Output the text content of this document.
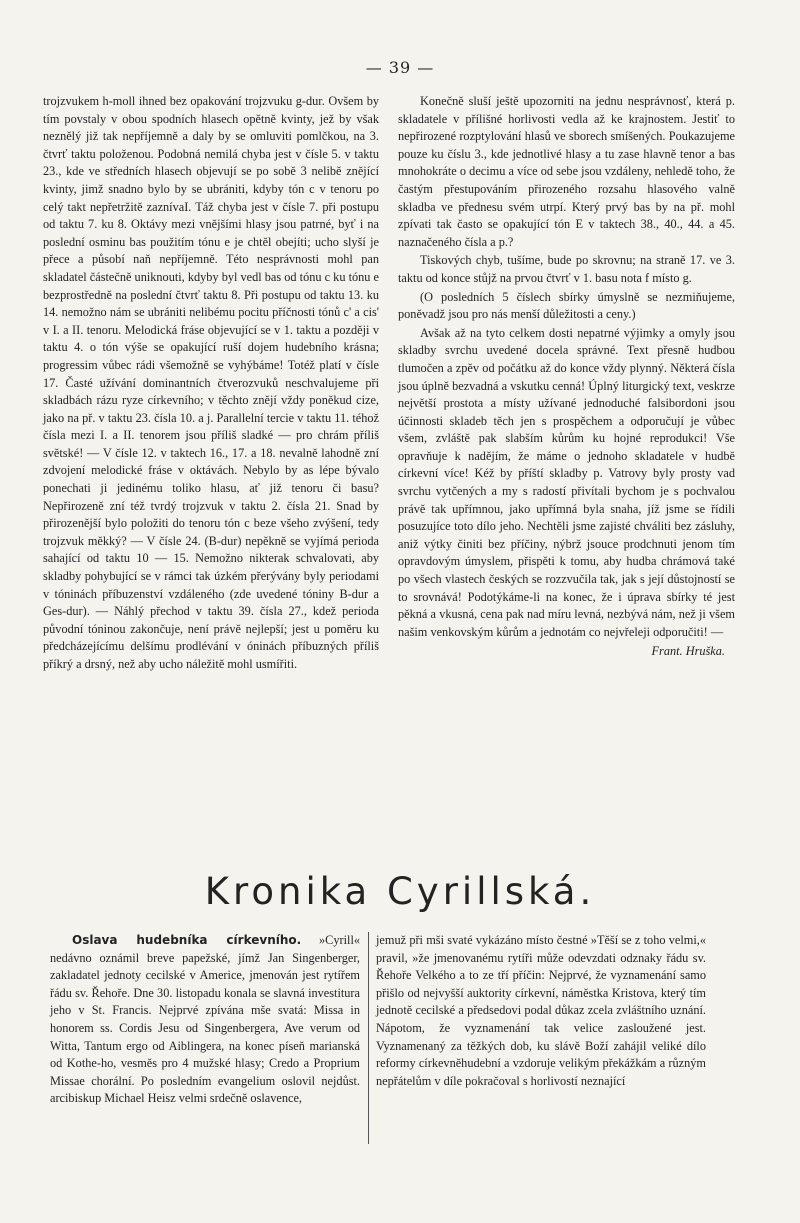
— 39 —

trojzvukem h-moll ihned bez opakování trojzvuku g-dur. Ovšem by tím povstaly v obou spodních hlasech opětně kvinty, jež by však neznělý již tak nepříjemně a daly by se omluviti pomlčkou, na 3. čtvrť taktu položenou. Podobná nemilá chyba jest v čísle 5. v taktu 23., kde ve středních hlasech objevují se po sobě 3 nelibě znějící kvinty, jimž snadno bylo by se ubrániti, kdyby tón c v tenoru po celý takt nepřetržitě zaznívaI. Táž chyba jest v čísle 7. při postupu od taktu 7. ku 8. Oktávy mezi vnějšími hlasy jsou patrné, byť i na poslední osminu bas použitím tónu e je chtěl obejíti; ucho slyší je přece a působí naň nepříjemně. Této nesprávnosti mohl pan skladatel částečně uniknouti, kdyby byl vedl bas od tónu c ku tónu e bezprostředně na poslední čtvrť taktu 8. Při postupu od taktu 13. ku 14. nemožno nám se ubrániti nelibému pocitu příčnosti tónů c' a cis' v I. a II. tenoru. Melodická fráse objevující se v 1. taktu a později v taktu 4. o tón výše se opakující ruší dojem hudebního krásna; progressim vůbec rádi všemožně se vyhýbáme! Totéž platí v čísle 17. Časté užívání dominantních čtverozvuků neschvalujeme při skladbách rázu ryze církevního; v těchto znějí vždy poněkud cize, jako na př. v taktu 23. čísla 10. a j. Parallelní tercie v taktu 11. téhož čísla mezi I. a II. tenorem jsou příliš sladké — pro chrám příliš světské! — V čísle 12. v taktech 16., 17. a 18. nevalně lahodně zní zdvojení melodické fráse v oktávách. Nebylo by as lépe bývalo ponechati ji jedinému toliko hlasu, ať již tenoru či basu? Nepřirozeně zní též tvrdý trojzvuk v taktu 2. čísla 21. Snad by přirozenější bylo položiti do tenoru tón c beze všeho zvýšení, tedy trojzvuk měkký? — V čísle 24. (B-dur) nepěkně se vyjímá perioda sahající od taktu 10 — 15. Nemožno nikterak schvalovati, aby skladby pohybující se v rámci tak úzkém přerývány byly periodami v tóninách příbuzenství vzdáleného (zde uvedené tóniny B-dur a Ges-dur). — Náhlý přechod v taktu 39. čísla 27., kdež perioda původní tóninou zakončuje, není právě nejlepší; jest u poměru ku předcházejícímu delšímu prodlévání v óninách příbuzných příliš příkrý a drsný, než aby ucho náležitě mohl usmířiti.

Konečně sluší ještě upozorniti na jednu nesprávnosť, která p. skladatele v přílišné horlivosti vedla až ke krajnostem. Jestiť to nepřirozené rozptylování hlasů ve sborech smíšených. Poukazujeme pouze ku číslu 3., kde jednotlivé hlasy a tu zase hlavně tenor a bas mnohokráte o decimu a více od sebe jsou vzdáleny, nehledě toho, že častým přestupováním přirozeného rozsahu hlasového valně skladba ve přednesu svém utrpí. Který prvý bas by na př. mohl zpívati tak často se opakující tón E v taktech 38., 40., 44. a 45. naznačeného čísla a p.?

Tiskových chyb, tušíme, bude po skrovnu; na straně 17. ve 3. taktu od konce stůjž na prvou čtvrť v 1. basu nota f místo g.

(O posledních 5 číslech sbírky úmyslně se nezmiňujeme, poněvadž jsou pro nás menší důležitosti a ceny.)

Avšak až na tyto celkem dosti nepatrné výjimky a omyly jsou skladby svrchu uvedené docela správné. Text přesně hudbou tlumočen a zpěv od počátku až do konce vždy plynný. Některá čísla jsou úplně bezvadná a vskutku cenná! Úplný liturgický text, veskrze největší prostota a místy užívané jednoduché falsibordoni jsou účinnosti skladeb těch jen s prospěchem a odporučují je vůbec všem, zvláště pak slabším kůrům ku hojné reprodukci! Vše opravňuje k nadějím, že máme o jednoho skladatele v hudbě církevní více! Kéž by příští skladby p. Vatrovy byly prosty vad svrchu vytčených a my s radostí přivítali bychom je s pochvalou právě tak upřímnou, jako upřímná byla snaha, jíž jsme se řídili posuzujíce toto dílo jeho. Nechtěli jsme zajisté chváliti bez zásluhy, aniž výtky činiti bez příčiny, nýbrž jsouce prodchnuti jenom tím opravdovým úmyslem, přispěti k tomu, aby hudba chrámová také po všech vlastech českých se rozzvučila tak, jak s její důstojností se to srovnává! Podotýkáme-li na konec, že i úprava sbírky té jest pěkná a vkusná, cena pak nad míru levná, nezbývá nám, než ji všem našim venkovským kůrům a jednotám co nejvřeleji odporučiti! —

Frant. Hruška.
Kronika Cyrillská.

Oslava hudebníka církevního. »Cyrill« nedávno oznámil breve papežské, jímž Jan Singenberger, zakladatel jednoty cecilské v Americe, jmenován jest rytířem řádu sv. Řehoře. Dne 30. listopadu konala se slavná investitura jeho v St. Francis. Nejprvé zpívána mše svatá: Missa in honorem ss. Cordis Jesu od Singenbergera, Ave verum od Witta, Tantum ergo od Aiblingera, na konec píseň marianská od Kothe-ho, vesměs pro 4 mužské hlasy; Credo a Proprium Missae chorální. Po posledním evangelium oslovil nejdůst. arcibiskup Michael Heisz velmi srdečně oslavence,

jemuž při mši svaté vykázáno místo čestné »Těší se z toho velmi,« pravil, »že jmenovanému rytíři může odevzdati odznaky řádu sv. Řehoře Velkého a to ze tří příčin: Nejprvé, že vyznamenání samo přišlo od nejvyšší auktority církevní, náměstka Kristova, který tím jednotě cecilské a předsedovi podal důkaz zcela zvláštního uznání. Nápotom, že vyznamenání tak velice zasloužené jest. Vyznamenaný za těžkých dob, ku slávě Boží zahájil veliké dílo reformy církevněhudební a vzdoruje velikým překážkám a různým nepřátelům v díle pokračoval s horlivostí neznající
